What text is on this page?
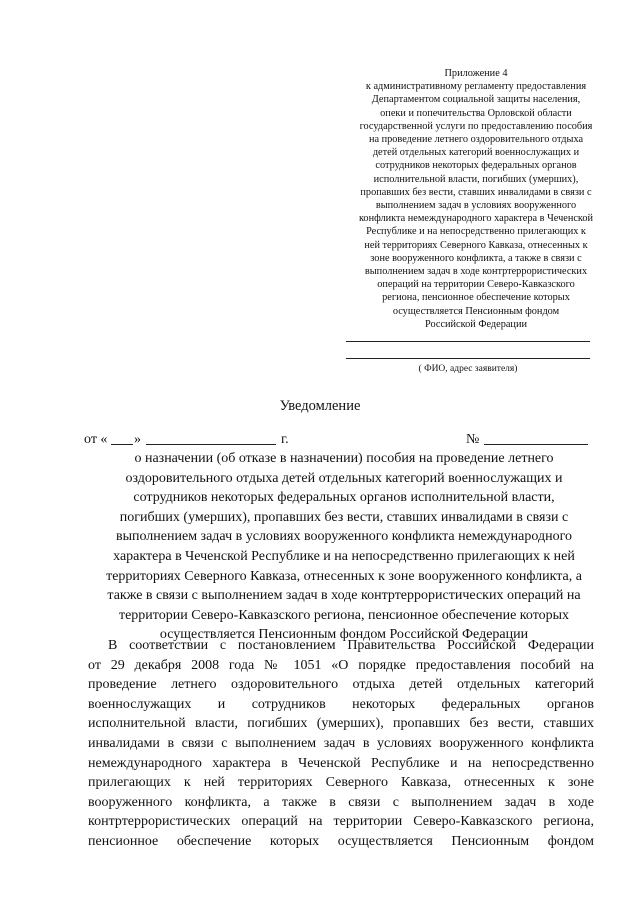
Приложение 4
к административному регламенту предоставления
Департаментом социальной защиты населения,
опеки и попечительства Орловской области
государственной услуги по предоставлению пособия
на проведение летнего оздоровительного отдыха
детей отдельных категорий военнослужащих и
сотрудников некоторых федеральных органов
исполнительной власти, погибших (умерших),
пропавших без вести, ставших инвалидами в связи с
выполнением задач в условиях вооруженного
конфликта немеждународного характера в Чеченской
Республике и на непосредственно прилегающих к
ней территориях Северного Кавказа, отнесенных к
зоне вооруженного конфликта, а также в связи с
выполнением задач в ходе контртеррористических
операций на территории Северо-Кавказского
региона, пенсионное обеспечение которых
осуществляется Пенсионным фондом
Российской Федерации
( ФИО, адрес заявителя)
Уведомление
от « »	г.	№
о назначении (об отказе в назначении) пособия на проведение летнего
оздоровительного отдыха детей отдельных категорий военнослужащих и
сотрудников некоторых федеральных органов исполнительной власти,
погибших (умерших), пропавших без вести, ставших инвалидами в связи с
выполнением задач в условиях вооруженного конфликта немеждународного
характера в Чеченской Республике и на непосредственно прилегающих к ней
территориях Северного Кавказа, отнесенных к зоне вооруженного конфликта, а
также в связи с выполнением задач в ходе контртеррористических операций на
территории Северо-Кавказского региона, пенсионное обеспечение которых
осуществляется Пенсионным фондом Российской Федерации
В соответствии с постановлением Правительства Российской Федерации
от 29 декабря 2008 года № 1051 «О порядке предоставления пособий на
проведение летнего оздоровительного отдыха детей отдельных категорий
военнослужащих и сотрудников некоторых федеральных органов
исполнительной власти, погибших (умерших), пропавших без вести, ставших
инвалидами в связи с выполнением задач в условиях вооруженного конфликта
немеждународного характера в Чеченской Республике и на непосредственно
прилегающих к ней территориях Северного Кавказа, отнесенных к зоне
вооруженного конфликта, а также в связи с выполнением задач в ходе
контртеррористических операций на территории Северо-Кавказского региона,
пенсионное обеспечение которых осуществляется Пенсионным фондом
